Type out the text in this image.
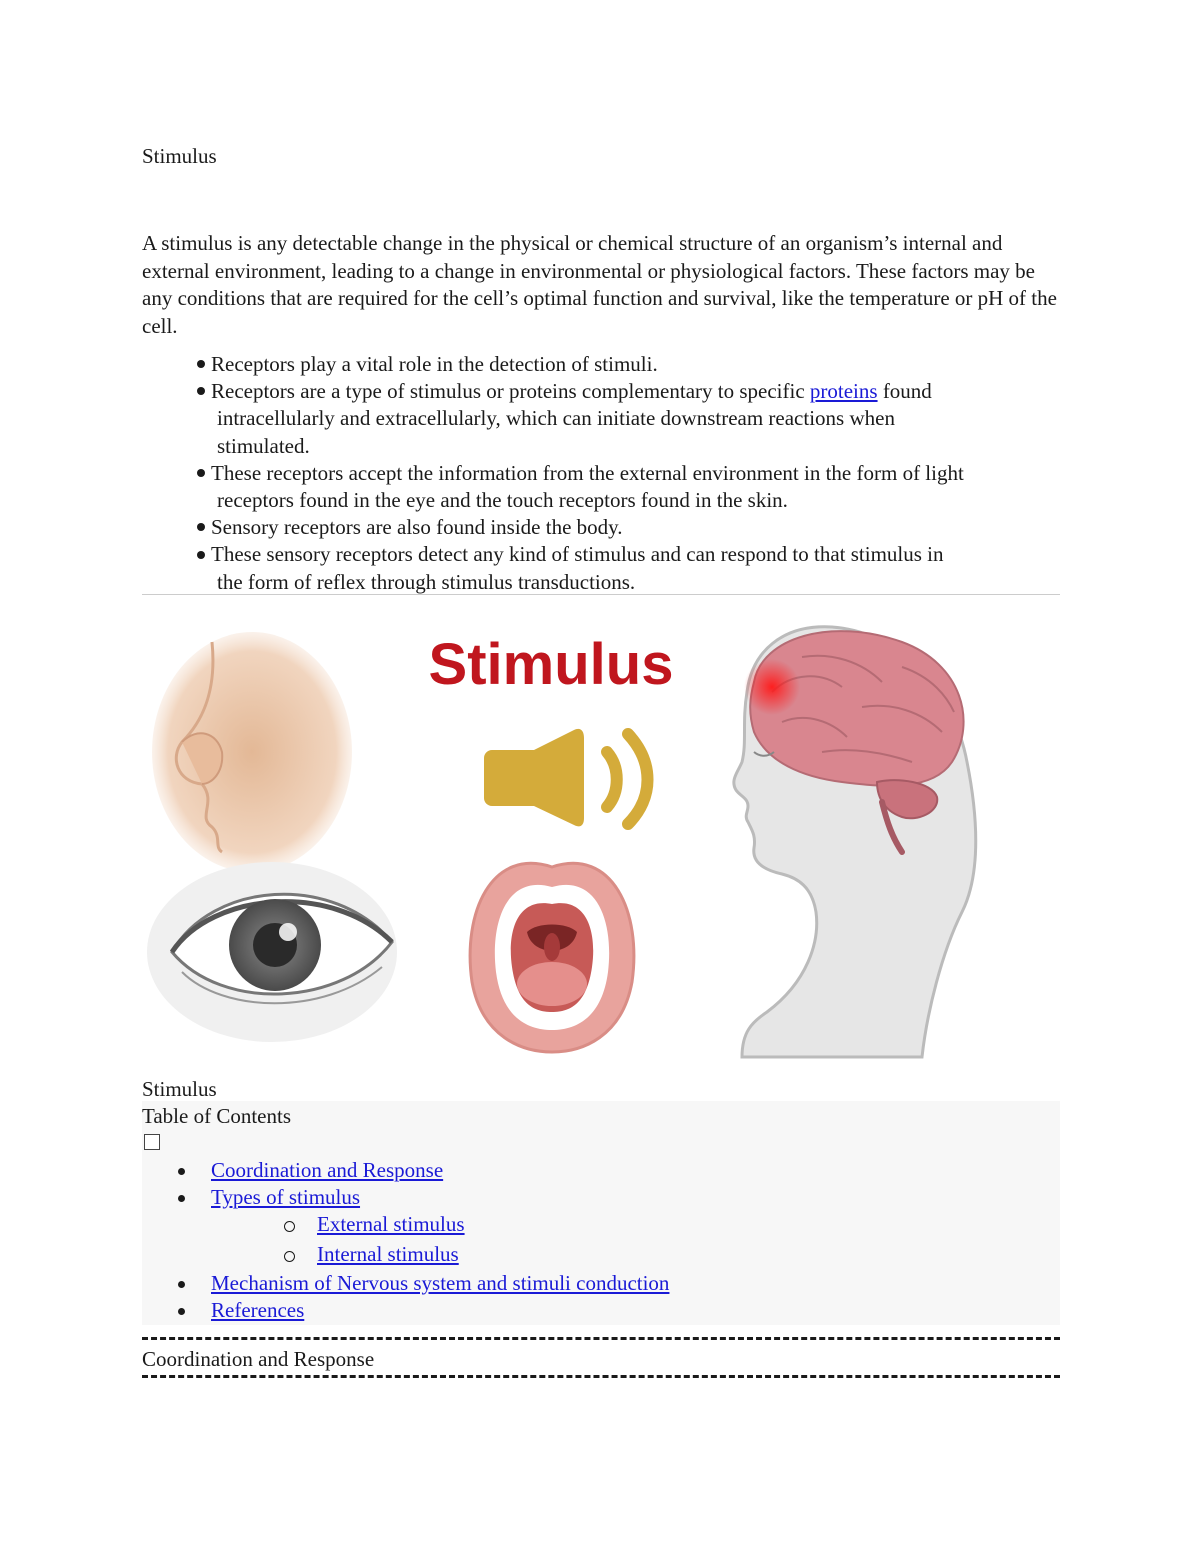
Stimulus

A stimulus is any detectable change in the physical or chemical structure of an organism’s internal and external environment, leading to a change in environmental or physiological factors. These factors may be any conditions that are required for the cell’s optimal function and survival, like the temperature or pH of the cell.

Receptors play a vital role in the detection of stimuli.
Receptors are a type of stimulus or proteins complementary to specific proteins found
intracellularly and extracellularly, which can initiate downstream reactions when
stimulated.
These receptors accept the information from the external environment in the form of light
receptors found in the eye and the touch receptors found in the skin.
Sensory receptors are also found inside the body.
These sensory receptors detect any kind of stimulus and can respond to that stimulus in
the form of reflex through stimulus transductions.
Stimulus
Stimulus
Table of Contents
Coordination and Response
Types of stimulus
External stimulus
Internal stimulus
Mechanism of Nervous system and stimuli conduction
References
Coordination and Response
